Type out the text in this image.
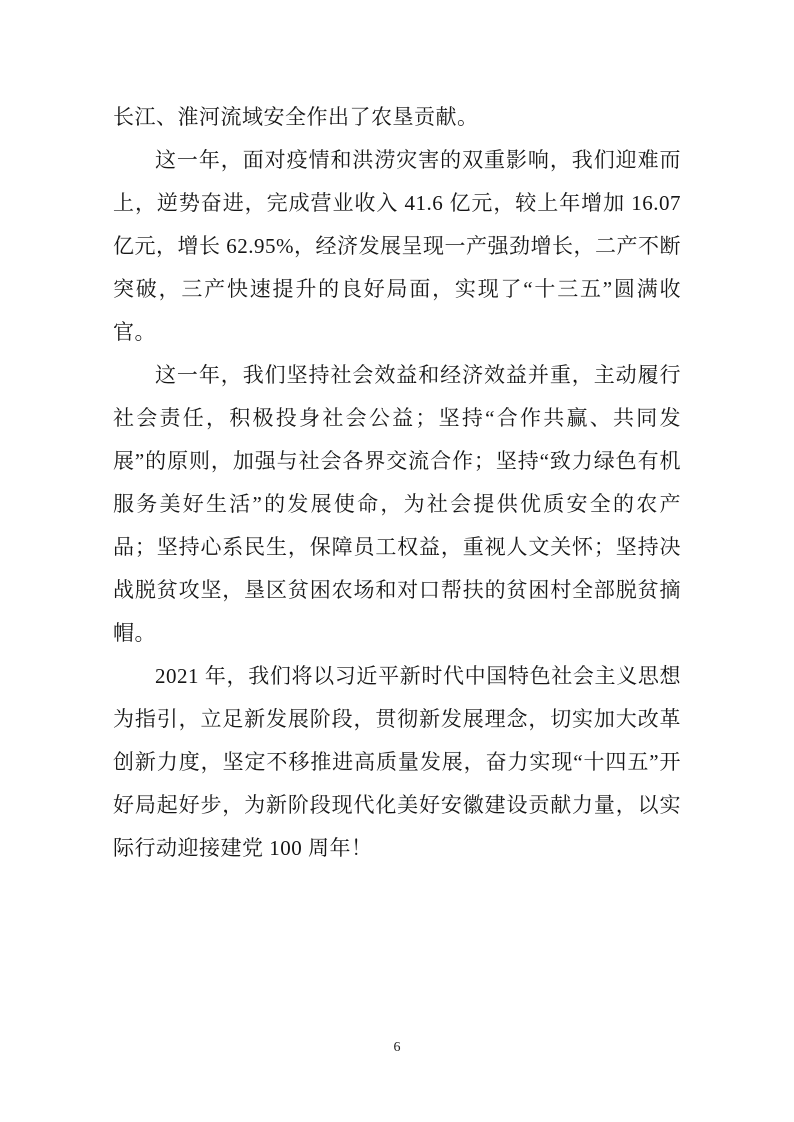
长江、淮河流域安全作出了农垦贡献。

这一年，面对疫情和洪涝灾害的双重影响，我们迎难而上，逆势奋进，完成营业收入 41.6 亿元，较上年增加 16.07 亿元，增长 62.95%，经济发展呈现一产强劲增长，二产不断突破，三产快速提升的良好局面，实现了“十三五”圆满收官。

这一年，我们坚持社会效益和经济效益并重，主动履行社会责任，积极投身社会公益；坚持“合作共赢、共同发展”的原则，加强与社会各界交流合作；坚持“致力绿色有机 服务美好生活”的发展使命，为社会提供优质安全的农产品；坚持心系民生，保障员工权益，重视人文关怀；坚持决战脱贫攻坚，垦区贫困农场和对口帮扶的贫困村全部脱贫摘帽。

2021 年，我们将以习近平新时代中国特色社会主义思想为指引，立足新发展阶段，贯彻新发展理念，切实加大改革创新力度，坚定不移推进高质量发展，奋力实现“十四五”开好局起好步，为新阶段现代化美好安徽建设贡献力量，以实际行动迎接建党 100 周年！

6
